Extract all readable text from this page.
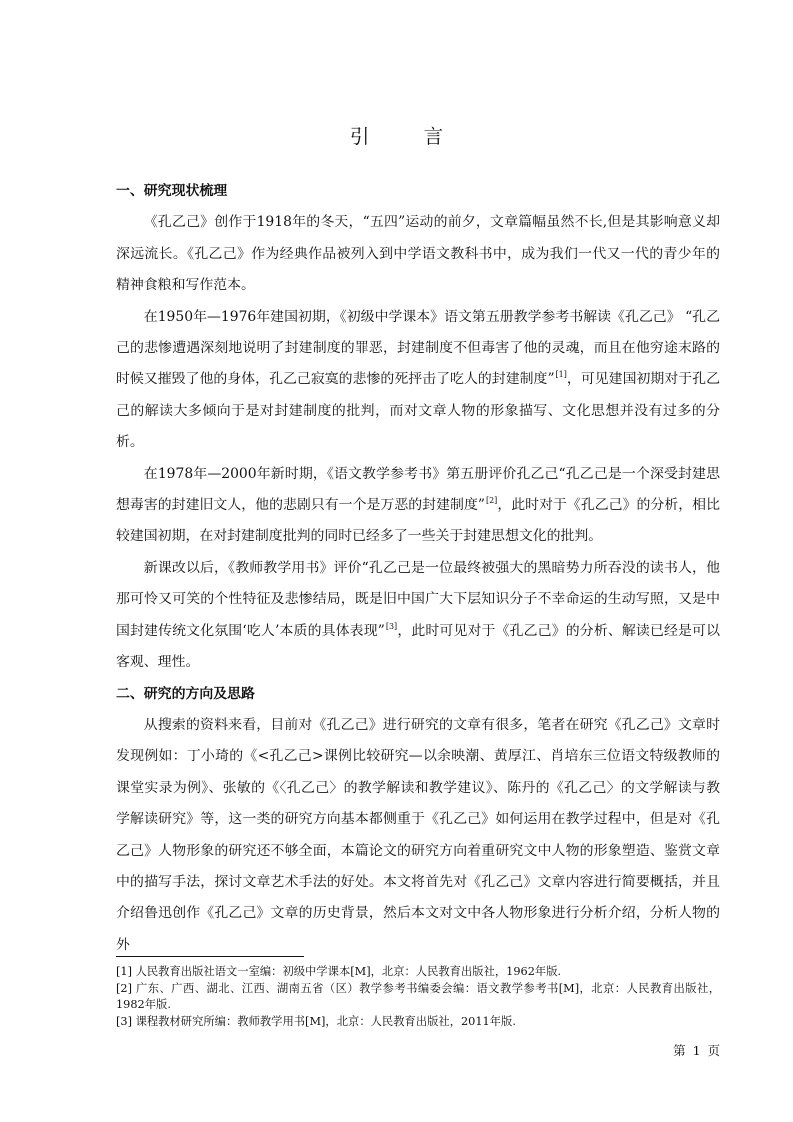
引 言
一、研究现状梳理

《孔乙己》创作于1918年的冬天，“五四”运动的前夕，文章篇幅虽然不长,但是其影响意义却深远流长。《孔乙己》作为经典作品被列入到中学语文教科书中，成为我们一代又一代的青少年的精神食粮和写作范本。

在1950年—1976年建国初期，《初级中学课本》语文第五册教学参考书解读《孔乙己》 “孔乙己的悲惨遭遇深刻地说明了封建制度的罪恶，封建制度不但毒害了他的灵魂，而且在他穷途末路的时候又摧毁了他的身体，孔乙己寂寞的悲惨的死抨击了吃人的封建制度”[1]，可见建国初期对于孔乙己的解读大多倾向于是对封建制度的批判，而对文章人物的形象描写、文化思想并没有过多的分析。

在1978年—2000年新时期，《语文教学参考书》第五册评价孔乙己“孔乙己是一个深受封建思想毒害的封建旧文人，他的悲剧只有一个是万恶的封建制度”[2]，此时对于《孔乙己》的分析，相比较建国初期，在对封建制度批判的同时已经多了一些关于封建思想文化的批判。

新课改以后，《教师教学用书》评价“孔乙己是一位最终被强大的黑暗势力所吞没的读书人，他那可怜又可笑的个性特征及悲惨结局，既是旧中国广大下层知识分子不幸命运的生动写照，又是中国封建传统文化氛围‘吃人’本质的具体表现”[3]，此时可见对于《孔乙己》的分析、解读已经是可以客观、理性。

二、研究的方向及思路

从搜索的资料来看，目前对《孔乙己》进行研究的文章有很多，笔者在研究《孔乙己》文章时发现例如：丁小琦的《<孔乙己>课例比较研究—以余映潮、黄厚江、肖培东三位语文特级教师的课堂实录为例》、张敏的《〈孔乙己〉的教学解读和教学建议》、陈丹的《孔乙己〉的文学解读与教学解读研究》等，这一类的研究方向基本都侧重于《孔乙己》如何运用在教学过程中，但是对《孔乙己》人物形象的研究还不够全面，本篇论文的研究方向着重研究文中人物的形象塑造、鉴赏文章中的描写手法，探讨文章艺术手法的好处。本文将首先对《孔乙己》文章内容进行简要概括，并且介绍鲁迅创作《孔乙己》文章的历史背景，然后本文对文中各人物形象进行分析介绍，分析人物的外

[1] 人民教育出版社语文一室编：初级中学课本[M]，北京：人民教育出版社，1962年版.
[2] 广东、广西、湖北、江西、湖南五省（区）教学参考书编委会编：语文教学参考书[M]，北京：人民教育出版社，1982年版.
[3] 课程教材研究所编：教师教学用书[M]，北京：人民教育出版社，2011年版.
第 1 页
